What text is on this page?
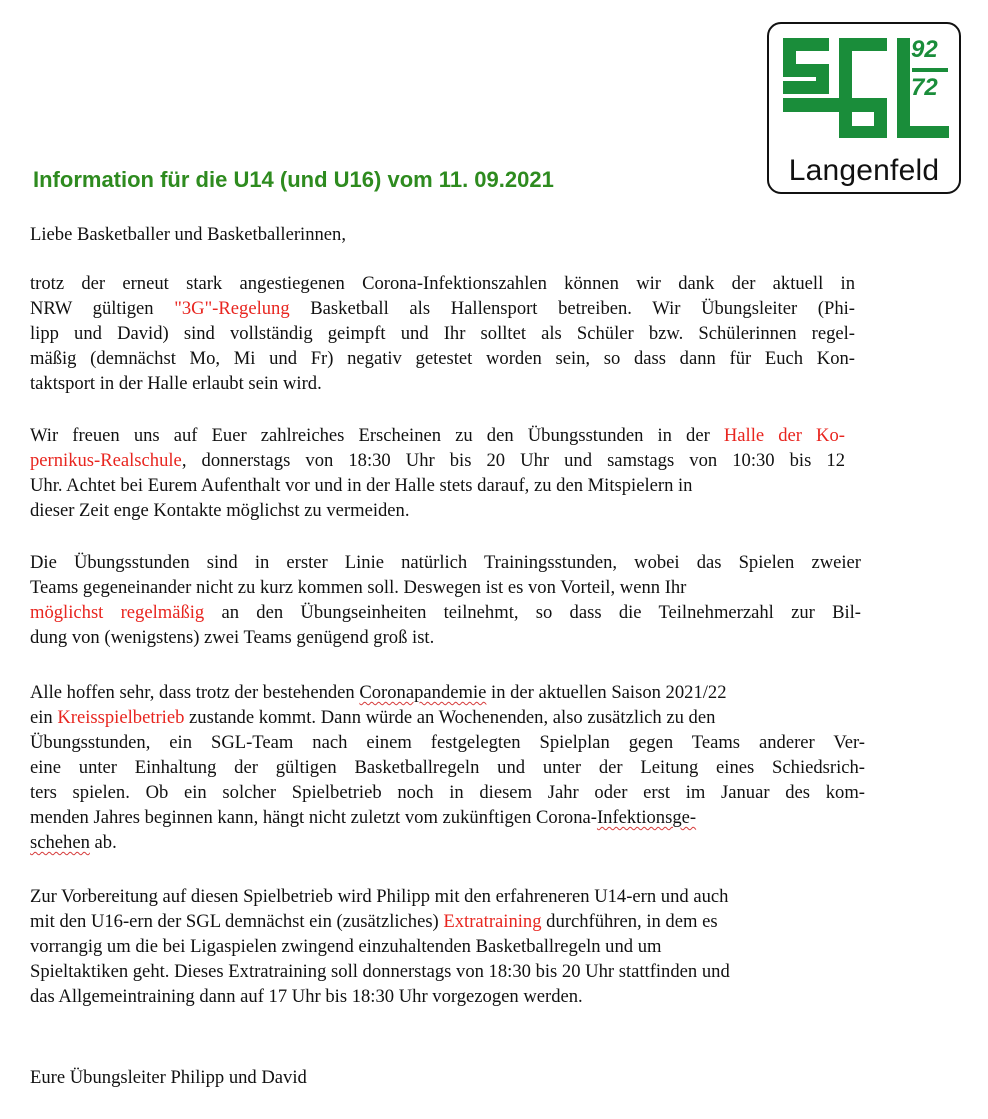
92
72
Langenfeld
Information für die U14 (und U16) vom 11. 09.2021

Liebe Basketballer und Basketballerinnen,

trotz der erneut stark angestiegenen Corona-Infektionszahlen können wir dank der aktuell in
NRW gültigen "3G"-Regelung Basketball als Hallensport betreiben. Wir Übungsleiter (Phi-
lipp und David) sind vollständig geimpft und Ihr solltet als Schüler bzw. Schülerinnen regel-
mäßig (demnächst Mo, Mi und Fr) negativ getestet worden sein, so dass dann für Euch Kon-
taktsport in der Halle erlaubt sein wird.
Wir freuen uns auf Euer zahlreiches Erscheinen zu den Übungsstunden in der Halle der Ko-
pernikus-Realschule, donnerstags von 18:30 Uhr bis 20 Uhr und samstags von 10:30 bis 12
Uhr. Achtet bei Eurem Aufenthalt vor und in der Halle stets darauf, zu den Mitspielern in
dieser Zeit enge Kontakte möglichst zu vermeiden.
Die Übungsstunden sind in erster Linie natürlich Trainingsstunden, wobei das Spielen zweier
Teams gegeneinander nicht zu kurz kommen soll. Deswegen ist es von Vorteil, wenn Ihr
möglichst regelmäßig an den Übungseinheiten teilnehmt, so dass die Teilnehmerzahl zur Bil-
dung von (wenigstens) zwei Teams genügend groß ist.
Alle hoffen sehr, dass trotz der bestehenden Coronapandemie in der aktuellen Saison 2021/22
ein Kreisspielbetrieb zustande kommt. Dann würde an Wochenenden, also zusätzlich zu den
Übungsstunden, ein SGL-Team nach einem festgelegten Spielplan gegen Teams anderer Ver-
eine unter Einhaltung der gültigen Basketballregeln und unter der Leitung eines Schiedsrich-
ters spielen. Ob ein solcher Spielbetrieb noch in diesem Jahr oder erst im Januar des kom-
menden Jahres beginnen kann, hängt nicht zuletzt vom zukünftigen Corona-Infektionsge-
schehen ab.
Zur Vorbereitung auf diesen Spielbetrieb wird Philipp mit den erfahreneren U14-ern und auch
mit den U16-ern der SGL demnächst ein (zusätzliches) Extratraining durchführen, in dem es
vorrangig um die bei Ligaspielen zwingend einzuhaltenden Basketballregeln und um
Spieltaktiken geht. Dieses Extratraining soll donnerstags von 18:30 bis 20 Uhr stattfinden und
das Allgemeintraining dann auf 17 Uhr bis 18:30 Uhr vorgezogen werden.

Eure Übungsleiter Philipp und David
